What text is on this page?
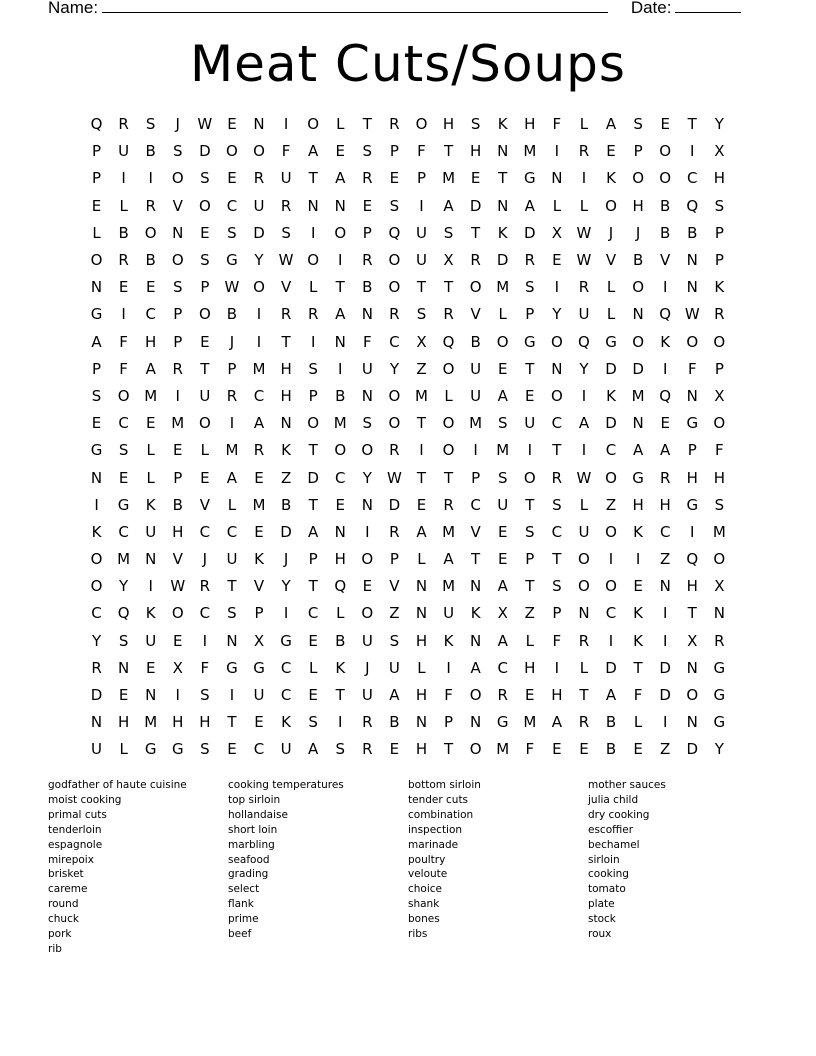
Name:	Date:
Meat Cuts/Soups
Q	R	S	J	W E	N	I	O	L	T	R	O	H	S	K	H	F	L	A	S	E	T	Y
P	U	B	S	D	O	O	F	A	E	S	P	F	T	H	N M	I	R	E	P	O	I	X
P	I	I	O	S	E	R	U	T	A	R	E	P	M	E	T	G	N	I	K	O	O	C	H
E	L	R	V	O	C	U	R	N	N	E	S	I	A	D	N	A	L	L	O	H	B	Q	S
L	B	O	N	E	S	D	S	I	O	P	Q	U	S	T	K	D	X W	J	J	B	B	P
O	R	B	O	S	G	Y	W O	I	R	O	U	X	R	D	R	E W V	B	V	N	P
N	E	E	S	P	W O	V	L	T	B	O	T	T	O M	S	I	R	L	O	I	N	K
G	I	C	P	O	B	I	R	R	A	N	R	S	R	V	L	P	Y	U	L	N	Q W R
A	F	H	P	E	J	I	T	I	N	F	C	X	Q	B	O	G	O	Q	G	O	K	O	O
P	F	A	R	T	P	M H	S	I	U	Y	Z	O	U	E	T	N	Y	D	D	I	F	P
S	O M	I	U	R	C	H	P	B	N	O M	L	U	A	E	O	I	K	M Q	N	X
E	C	E	M O	I	A	N	O M	S	O	T	O M	S	U	C	A	D	N	E	G	O
G	S	L	E	L	M	R	K	T	O	O	R	I	O	I	M	I	T	I	C	A	A	P	F
N	E	L	P	E	A	E	Z	D	C	Y	W	T	T	P	S	O	R W O	G	R	H	H
I	G	K	B	V	L	M	B	T	E	N	D	E	R	C	U	T	S	L	Z	H	H	G	S
K	C	U	H	C	C	E	D	A	N	I	R	A	M	V	E	S	C	U	O	K	C	I	M
O M N	V	J	U	K	J	P	H	O	P	L	A	T	E	P	T	O	I	I	Z	Q	O
O	Y	I	W R	T	V	Y	T	Q	E	V	N M N	A	T	S	O	O	E	N	H	X
C	Q	K	O	C	S	P	I	C	L	O	Z	N	U	K	X	Z	P	N	C	K	I	T	N
Y	S	U	E	I	N	X	G	E	B	U	S	H	K	N	A	L	F	R	I	K	I	X	R
R	N	E	X	F	G	G	C	L	K	J	U	L	I	A	C	H	I	L	D	T	D	N	G
D	E	N	I	S	I	U	C	E	T	U	A	H	F	O	R	E	H	T	A	F	D	O	G
N	H M H	H	T	E	K	S	I	R	B	N	P	N	G M	A	R	B	L	I	N	G
U	L	G	G	S	E	C	U	A	S	R	E	H	T	O M	F	E	E	B	E	Z	D	Y
godfather of haute cuisine
moist cooking
primal cuts
tenderloin
espagnole
mirepoix
brisket
careme
round
chuck
pork
rib
cooking temperatures
top sirloin
hollandaise
short loin
marbling
seafood
grading
select
flank
prime
beef
bottom sirloin
tender cuts
combination
inspection
marinade
poultry
veloute
choice
shank
bones
ribs
mother sauces
julia child
dry cooking
escoffier
bechamel
sirloin
cooking
tomato
plate
stock
roux
